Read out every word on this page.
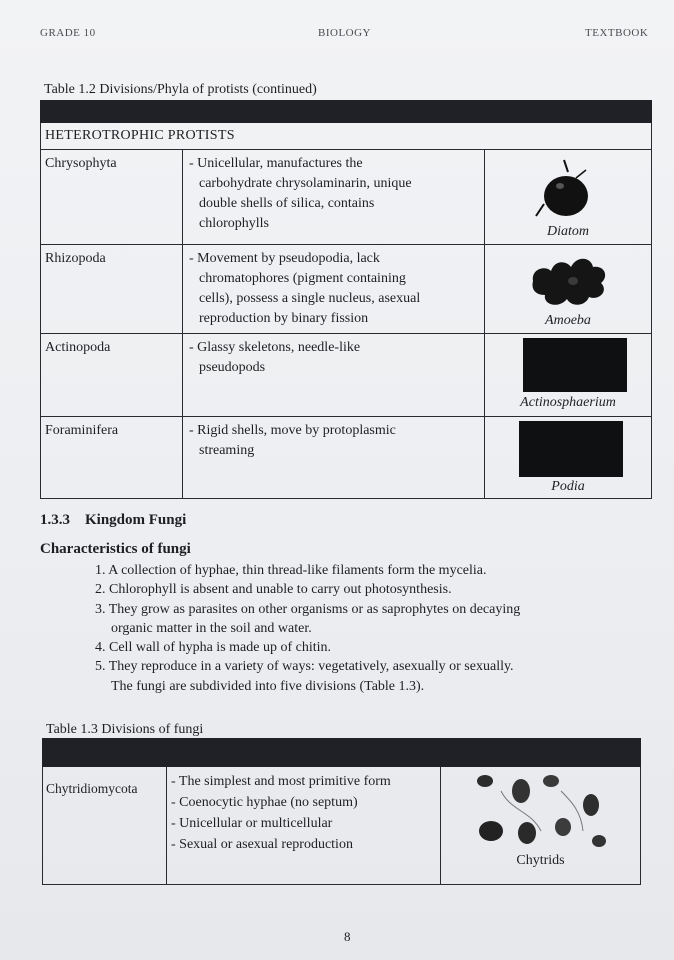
GRADE 10	BIOLOGY	TEXTBOOK
Table 1.2 Divisions/Phyla of protists (continued)

HETEROTROPHIC PROTISTS		
Chrysophyta	- Unicellular, manufactures the
carbohydrate chrysolaminarin, unique
double shells of silica, contains
chlorophylls	Diatom

Rhizopoda	- Movement by pseudopodia, lack
chromatophores (pigment containing
cells), possess a single nucleus, asexual
reproduction by binary fission	Amoeba

Actinopoda	- Glassy skeletons, needle-like
pseudopods	Actinosphaerium

Foraminifera	- Rigid shells, move by protoplasmic
streaming	Podia
1.3.3 Kingdom Fungi
Characteristics of fungi
1. A collection of hyphae, thin thread-like filaments form the mycelia.
2. Chlorophyll is absent and unable to carry out photosynthesis.
3. They grow as parasites on other organisms or as saprophytes on decaying
organic matter in the soil and water.
4. Cell wall of hypha is made up of chitin.
5. They reproduce in a variety of ways: vegetatively, asexually or sexually.
The fungi are subdivided into five divisions (Table 1.3).
Table 1.3 Divisions of fungi

Chytridiomycota	- The simplest and most primitive form
- Coenocytic hyphae (no septum)
- Unicellular or multicellular
- Sexual or asexual reproduction	Chytrids
8
